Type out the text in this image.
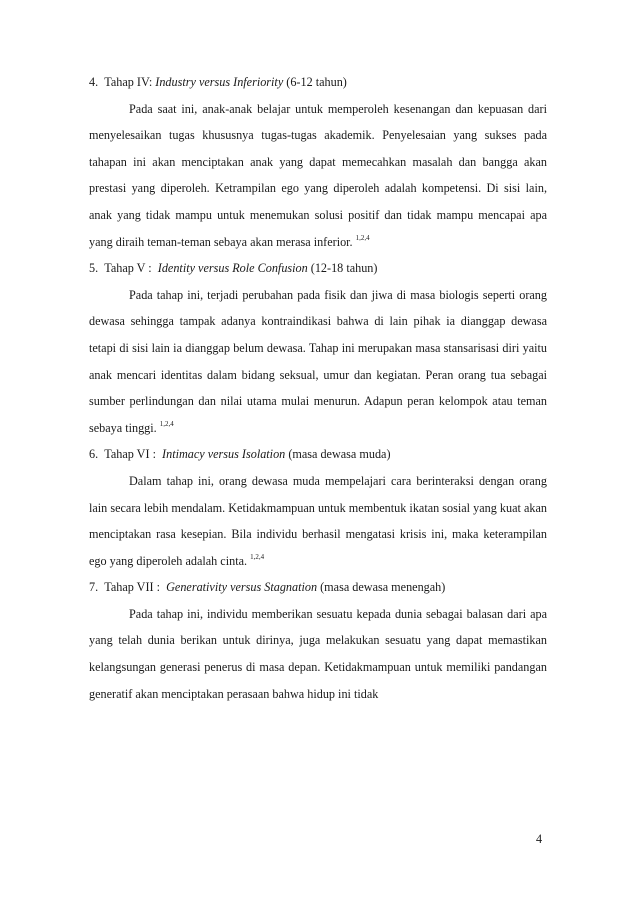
4. Tahap IV: Industry versus Inferiority (6-12 tahun)

Pada saat ini, anak-anak belajar untuk memperoleh kesenangan dan kepuasan dari menyelesaikan tugas khususnya tugas-tugas akademik. Penyelesaian yang sukses pada tahapan ini akan menciptakan anak yang dapat memecahkan masalah dan bangga akan prestasi yang diperoleh. Ketrampilan ego yang diperoleh adalah kompetensi. Di sisi lain, anak yang tidak mampu untuk menemukan solusi positif dan tidak mampu mencapai apa yang diraih teman-teman sebaya akan merasa inferior. $^{1,2,4}$

5. Tahap V :  Identity versus Role Confusion (12-18 tahun)

Pada tahap ini, terjadi perubahan pada fisik dan jiwa di masa biologis seperti orang dewasa sehingga tampak adanya kontraindikasi bahwa di lain pihak ia dianggap dewasa tetapi di sisi lain ia dianggap belum dewasa. Tahap ini merupakan masa stansarisasi diri yaitu anak mencari identitas dalam bidang seksual, umur dan kegiatan. Peran orang tua sebagai sumber perlindungan dan nilai utama mulai menurun. Adapun peran kelompok atau teman sebaya tinggi. $^{1,2,4}$

6. Tahap VI :  Intimacy versus Isolation (masa dewasa muda)

Dalam tahap ini, orang dewasa muda mempelajari cara berinteraksi dengan orang lain secara lebih mendalam. Ketidakmampuan untuk membentuk ikatan sosial yang kuat akan menciptakan rasa kesepian. Bila individu berhasil mengatasi krisis ini, maka keterampilan ego yang diperoleh adalah cinta. $^{1,2,4}$

7. Tahap VII :  Generativity versus Stagnation (masa dewasa menengah)

Pada tahap ini, individu memberikan sesuatu kepada dunia sebagai balasan dari apa yang telah dunia berikan untuk dirinya, juga melakukan sesuatu yang dapat memastikan kelangsungan generasi penerus di masa depan. Ketidakmampuan untuk memiliki pandangan generatif akan menciptakan perasaan bahwa hidup ini tidak

4
